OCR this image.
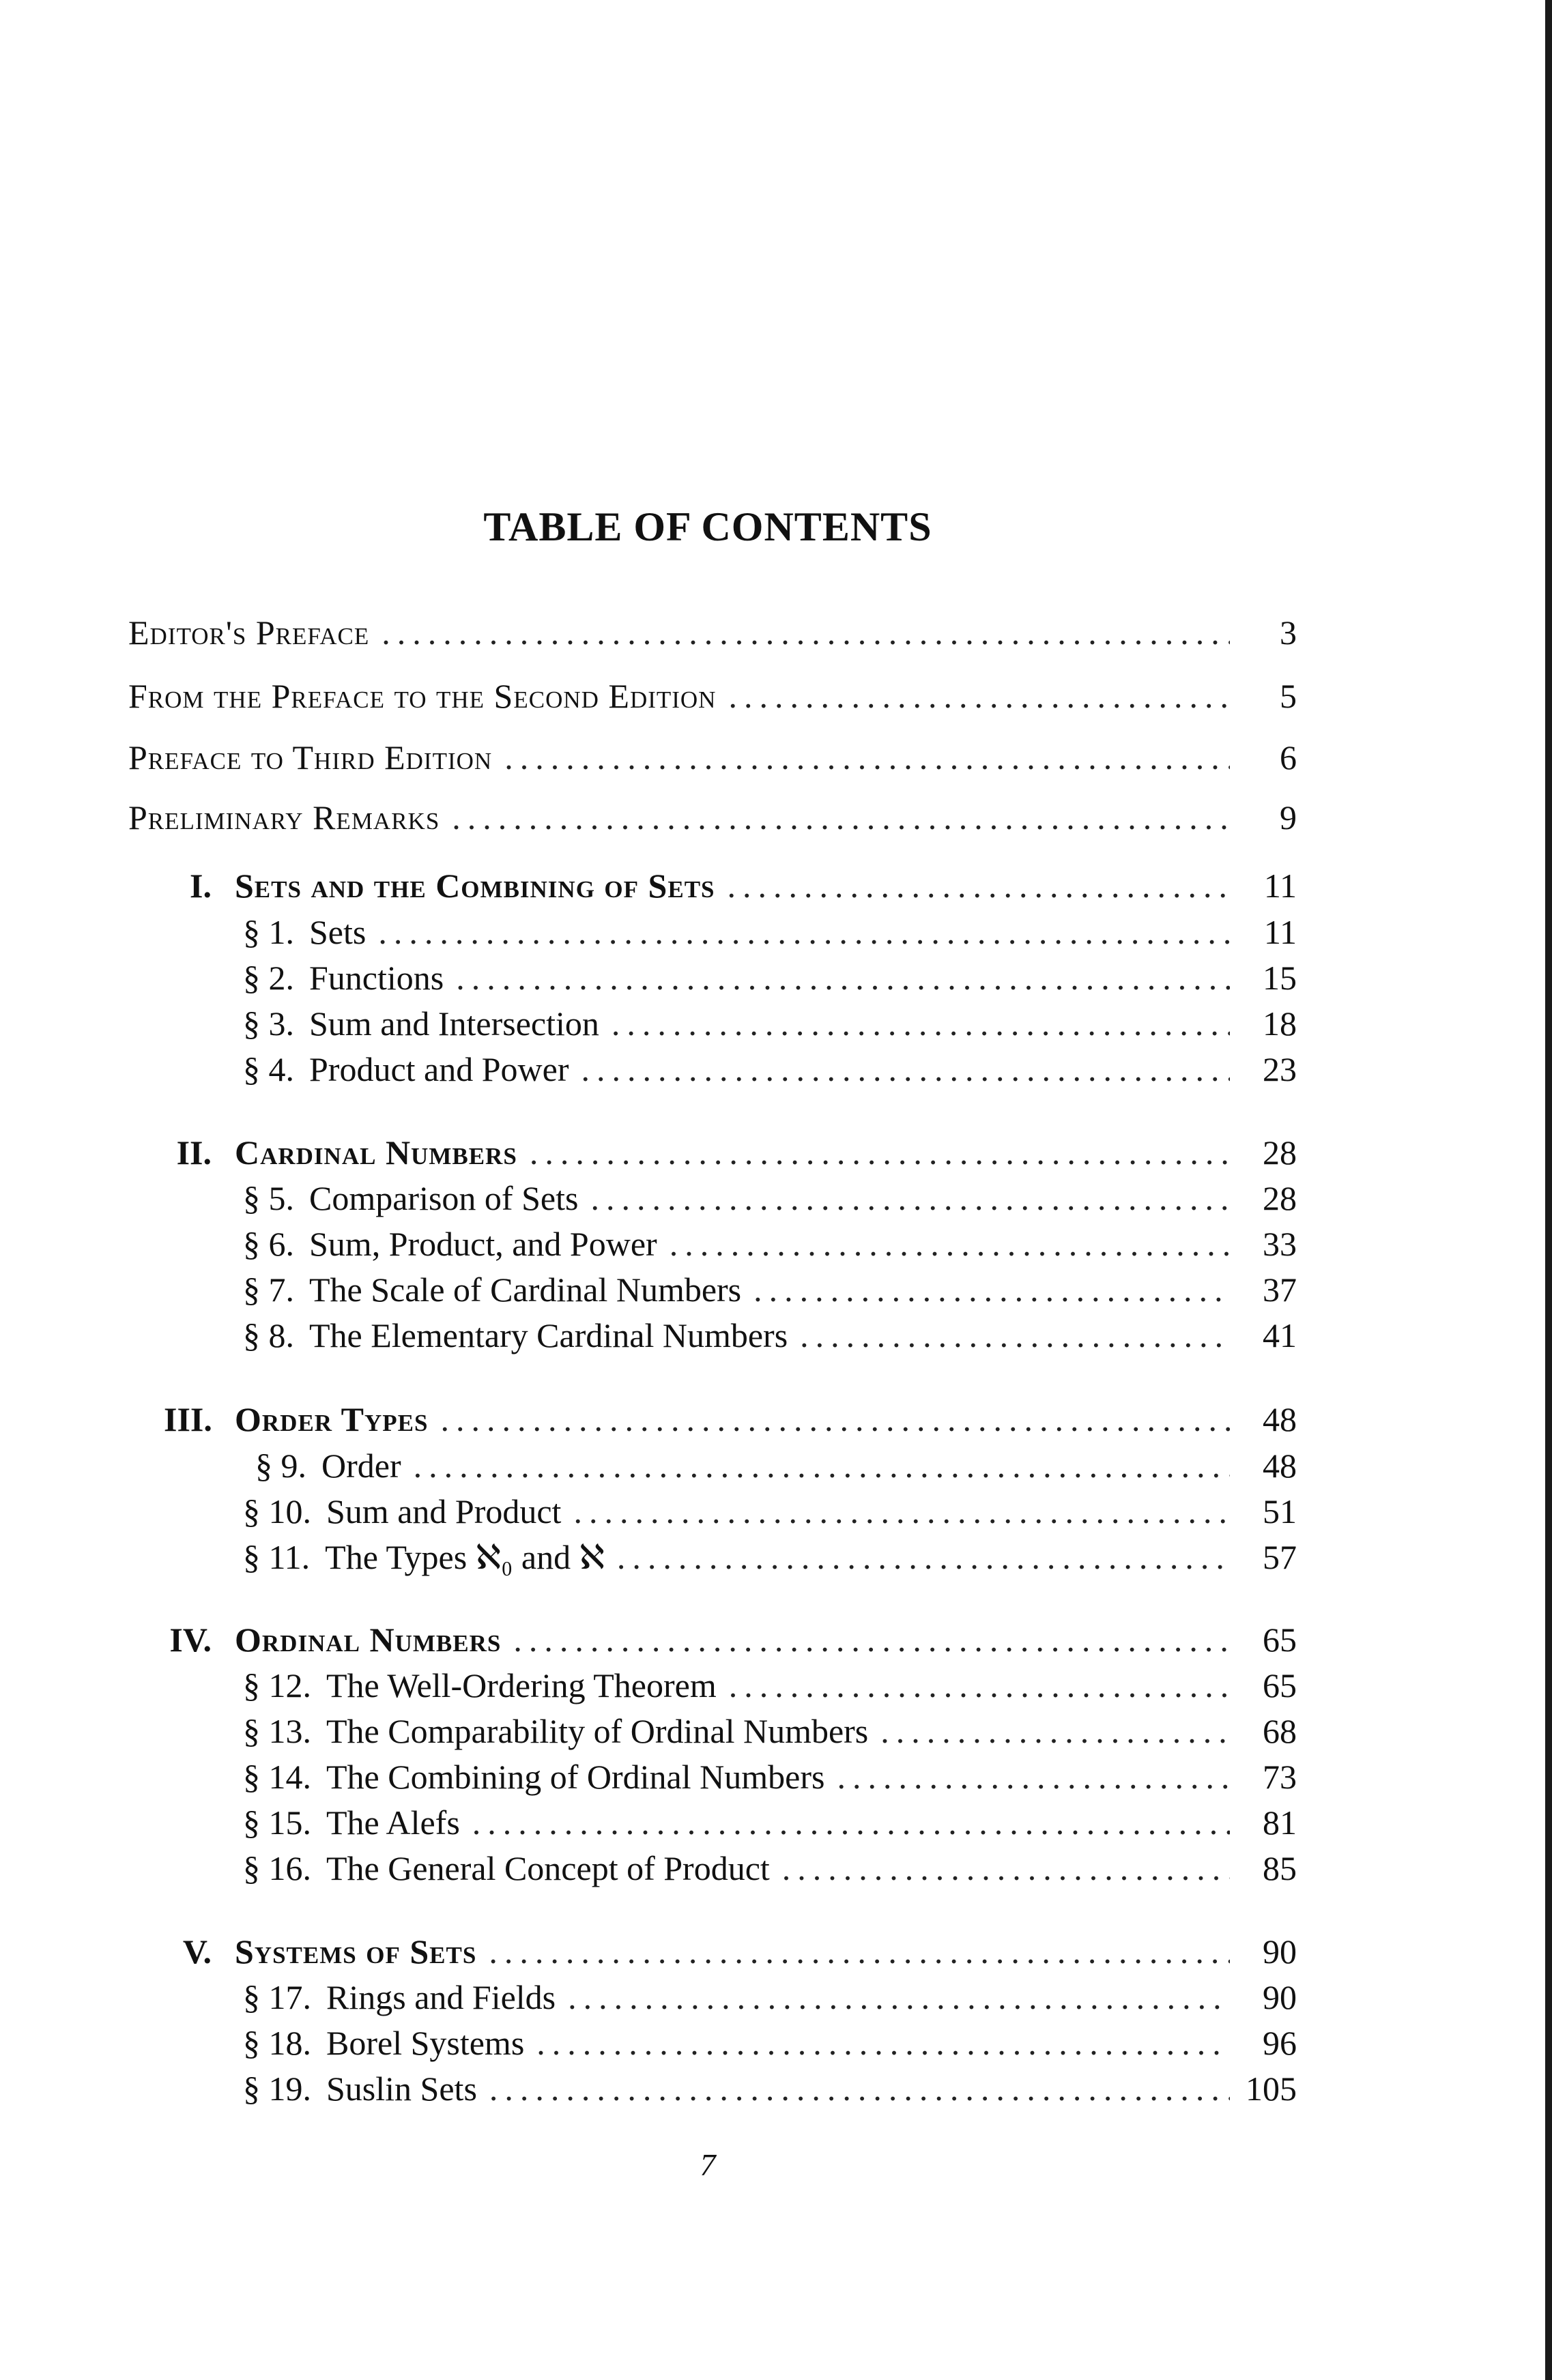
TABLE OF CONTENTS
Editor's Preface .....	3
From the Preface to the Second Edition .....	5
Preface to Third Edition .....	6
Preliminary Remarks .....	9
I. Sets and the Combining of Sets .....	11
§ 1. Sets .....	11
§ 2. Functions .....	15
§ 3. Sum and Intersection .....	18
§ 4. Product and Power .....	23
II. Cardinal Numbers .....	28
§ 5. Comparison of Sets .....	28
§ 6. Sum, Product, and Power .....	33
§ 7. The Scale of Cardinal Numbers .....	37
§ 8. The Elementary Cardinal Numbers .....	41
III. Order Types .....	48
§ 9. Order .....	48
§ 10. Sum and Product .....	51
§ 11. The Types ℵ₀ and ℵ .....	57
IV. Ordinal Numbers .....	65
§ 12. The Well-Ordering Theorem .....	65
§ 13. The Comparability of Ordinal Numbers .....	68
§ 14. The Combining of Ordinal Numbers .....	73
§ 15. The Alefs .....	81
§ 16. The General Concept of Product .....	85
V. Systems of Sets .....	90
§ 17. Rings and Fields .....	90
§ 18. Borel Systems .....	96
§ 19. Suslin Sets .....	105
7
